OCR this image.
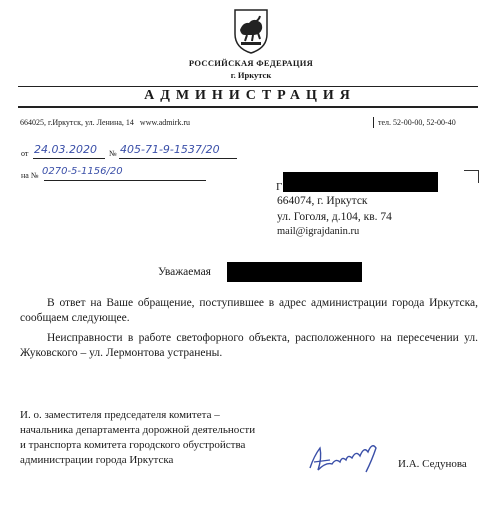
РОССИЙСКАЯ ФЕДЕРАЦИЯ
г. Иркутск
АДМИНИСТРАЦИЯ
664025, г.Иркутск, ул. Ленина, 14   www.admirk.ru	тел. 52-00-00, 52-00-40
от 24.03.2020 № 405-71-9-1537/20
на № 0270-5-1156/20
Г
664074, г. Иркутск
ул. Гоголя, д.104, кв. 74
mail@igrajdanin.ru
Уважаемая
В ответ на Ваше обращение, поступившее в адрес администрации города Иркутска, сообщаем следующее.
Неисправности в работе светофорного объекта, расположенного на пересечении ул. Жуковского – ул. Лермонтова устранены.
И. о. заместителя председателя комитета –
начальника департамента дорожной деятельности
и транспорта комитета городского обустройства
администрации города Иркутска	И.А. Седунова
